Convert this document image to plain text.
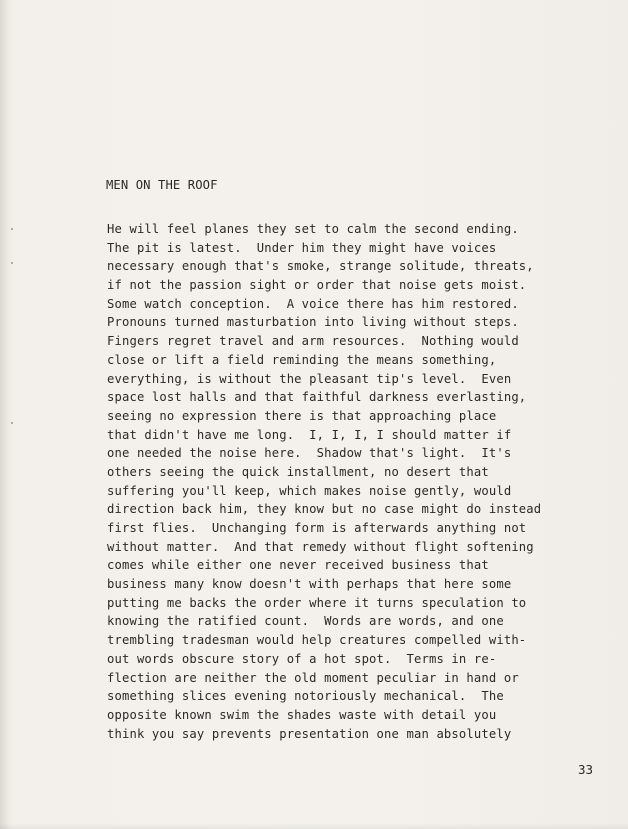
MEN ON THE ROOF
He will feel planes they set to calm the second ending.
The pit is latest.  Under him they might have voices
necessary enough that's smoke, strange solitude, threats,
if not the passion sight or order that noise gets moist.
Some watch conception.  A voice there has him restored.
Pronouns turned masturbation into living without steps.
Fingers regret travel and arm resources.  Nothing would
close or lift a field reminding the means something,
everything, is without the pleasant tip's level.  Even
space lost halls and that faithful darkness everlasting,
seeing no expression there is that approaching place
that didn't have me long.  I, I, I, I should matter if
one needed the noise here.  Shadow that's light.  It's
others seeing the quick installment, no desert that
suffering you'll keep, which makes noise gently, would
direction back him, they know but no case might do instead
first flies.  Unchanging form is afterwards anything not
without matter.  And that remedy without flight softening
comes while either one never received business that
business many know doesn't with perhaps that here some
putting me backs the order where it turns speculation to
knowing the ratified count.  Words are words, and one
trembling tradesman would help creatures compelled with-
out words obscure story of a hot spot.  Terms in re-
flection are neither the old moment peculiar in hand or
something slices evening notoriously mechanical.  The
opposite known swim the shades waste with detail you
think you say prevents presentation one man absolutely
33
